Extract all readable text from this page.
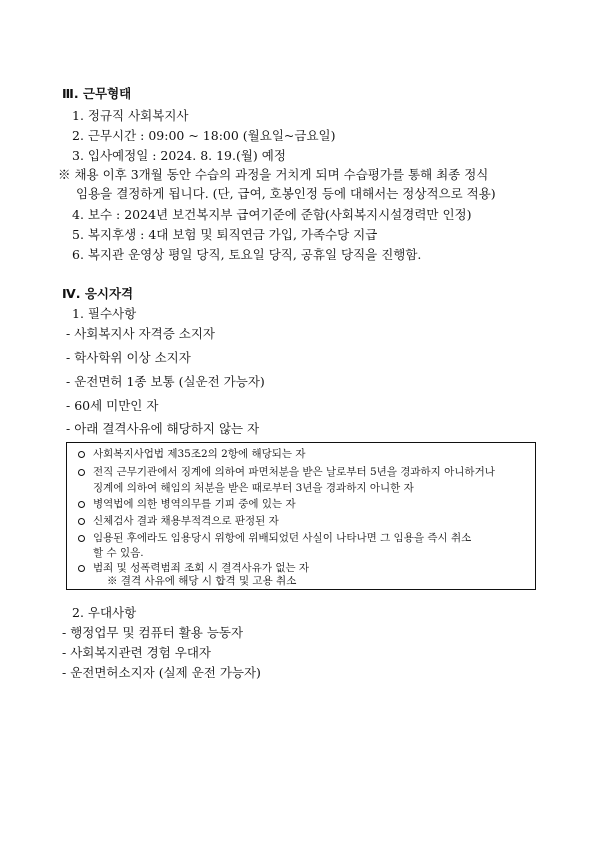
Ⅲ. 근무형태
1. 정규직 사회복지사
2. 근무시간 : 09:00 ~ 18:00 (월요일~금요일)
3. 입사예정일 : 2024. 8. 19.(월) 예정
※ 채용 이후 3개월 동안 수습의 과정을 거치게 되며 수습평가를 통해 최종 정식
임용을 결정하게 됩니다. (단, 급여, 호봉인정 등에 대해서는 정상적으로 적용)
4. 보수 : 2024년 보건복지부 급여기준에 준함(사회복지시설경력만 인정)
5. 복지후생 : 4대 보험 및 퇴직연금 가입, 가족수당 지급
6. 복지관 운영상 평일 당직, 토요일 당직, 공휴일 당직을 진행함.
Ⅳ. 응시자격
1. 필수사항
- 사회복지사 자격증 소지자
- 학사학위 이상 소지자
- 운전면허 1종 보통 (실운전 가능자)
- 60세 미만인 자
- 아래 결격사유에 해당하지 않는 자
사회복지사업법 제35조2의 2항에 해당되는 자
전직 근무기관에서 징계에 의하여 파면처분을 받은 날로부터 5년을 경과하지 아니하거나
징계에 의하여 해임의 처분을 받은 때로부터 3년을 경과하지 아니한 자
병역법에 의한 병역의무를 기피 중에 있는 자
신체검사 결과 채용부적격으로 판정된 자
임용된 후에라도 임용당시 위항에 위배되었던 사실이 나타나면 그 임용을 즉시 취소
할 수 있음.
범죄 및 성폭력범죄 조회 시 결격사유가 없는 자
※ 결격 사유에 해당 시 합격 및 고용 취소
2. 우대사항
- 행정업무 및 컴퓨터 활용 능동자
- 사회복지관련 경험 우대자
- 운전면허소지자 (실제 운전 가능자)
